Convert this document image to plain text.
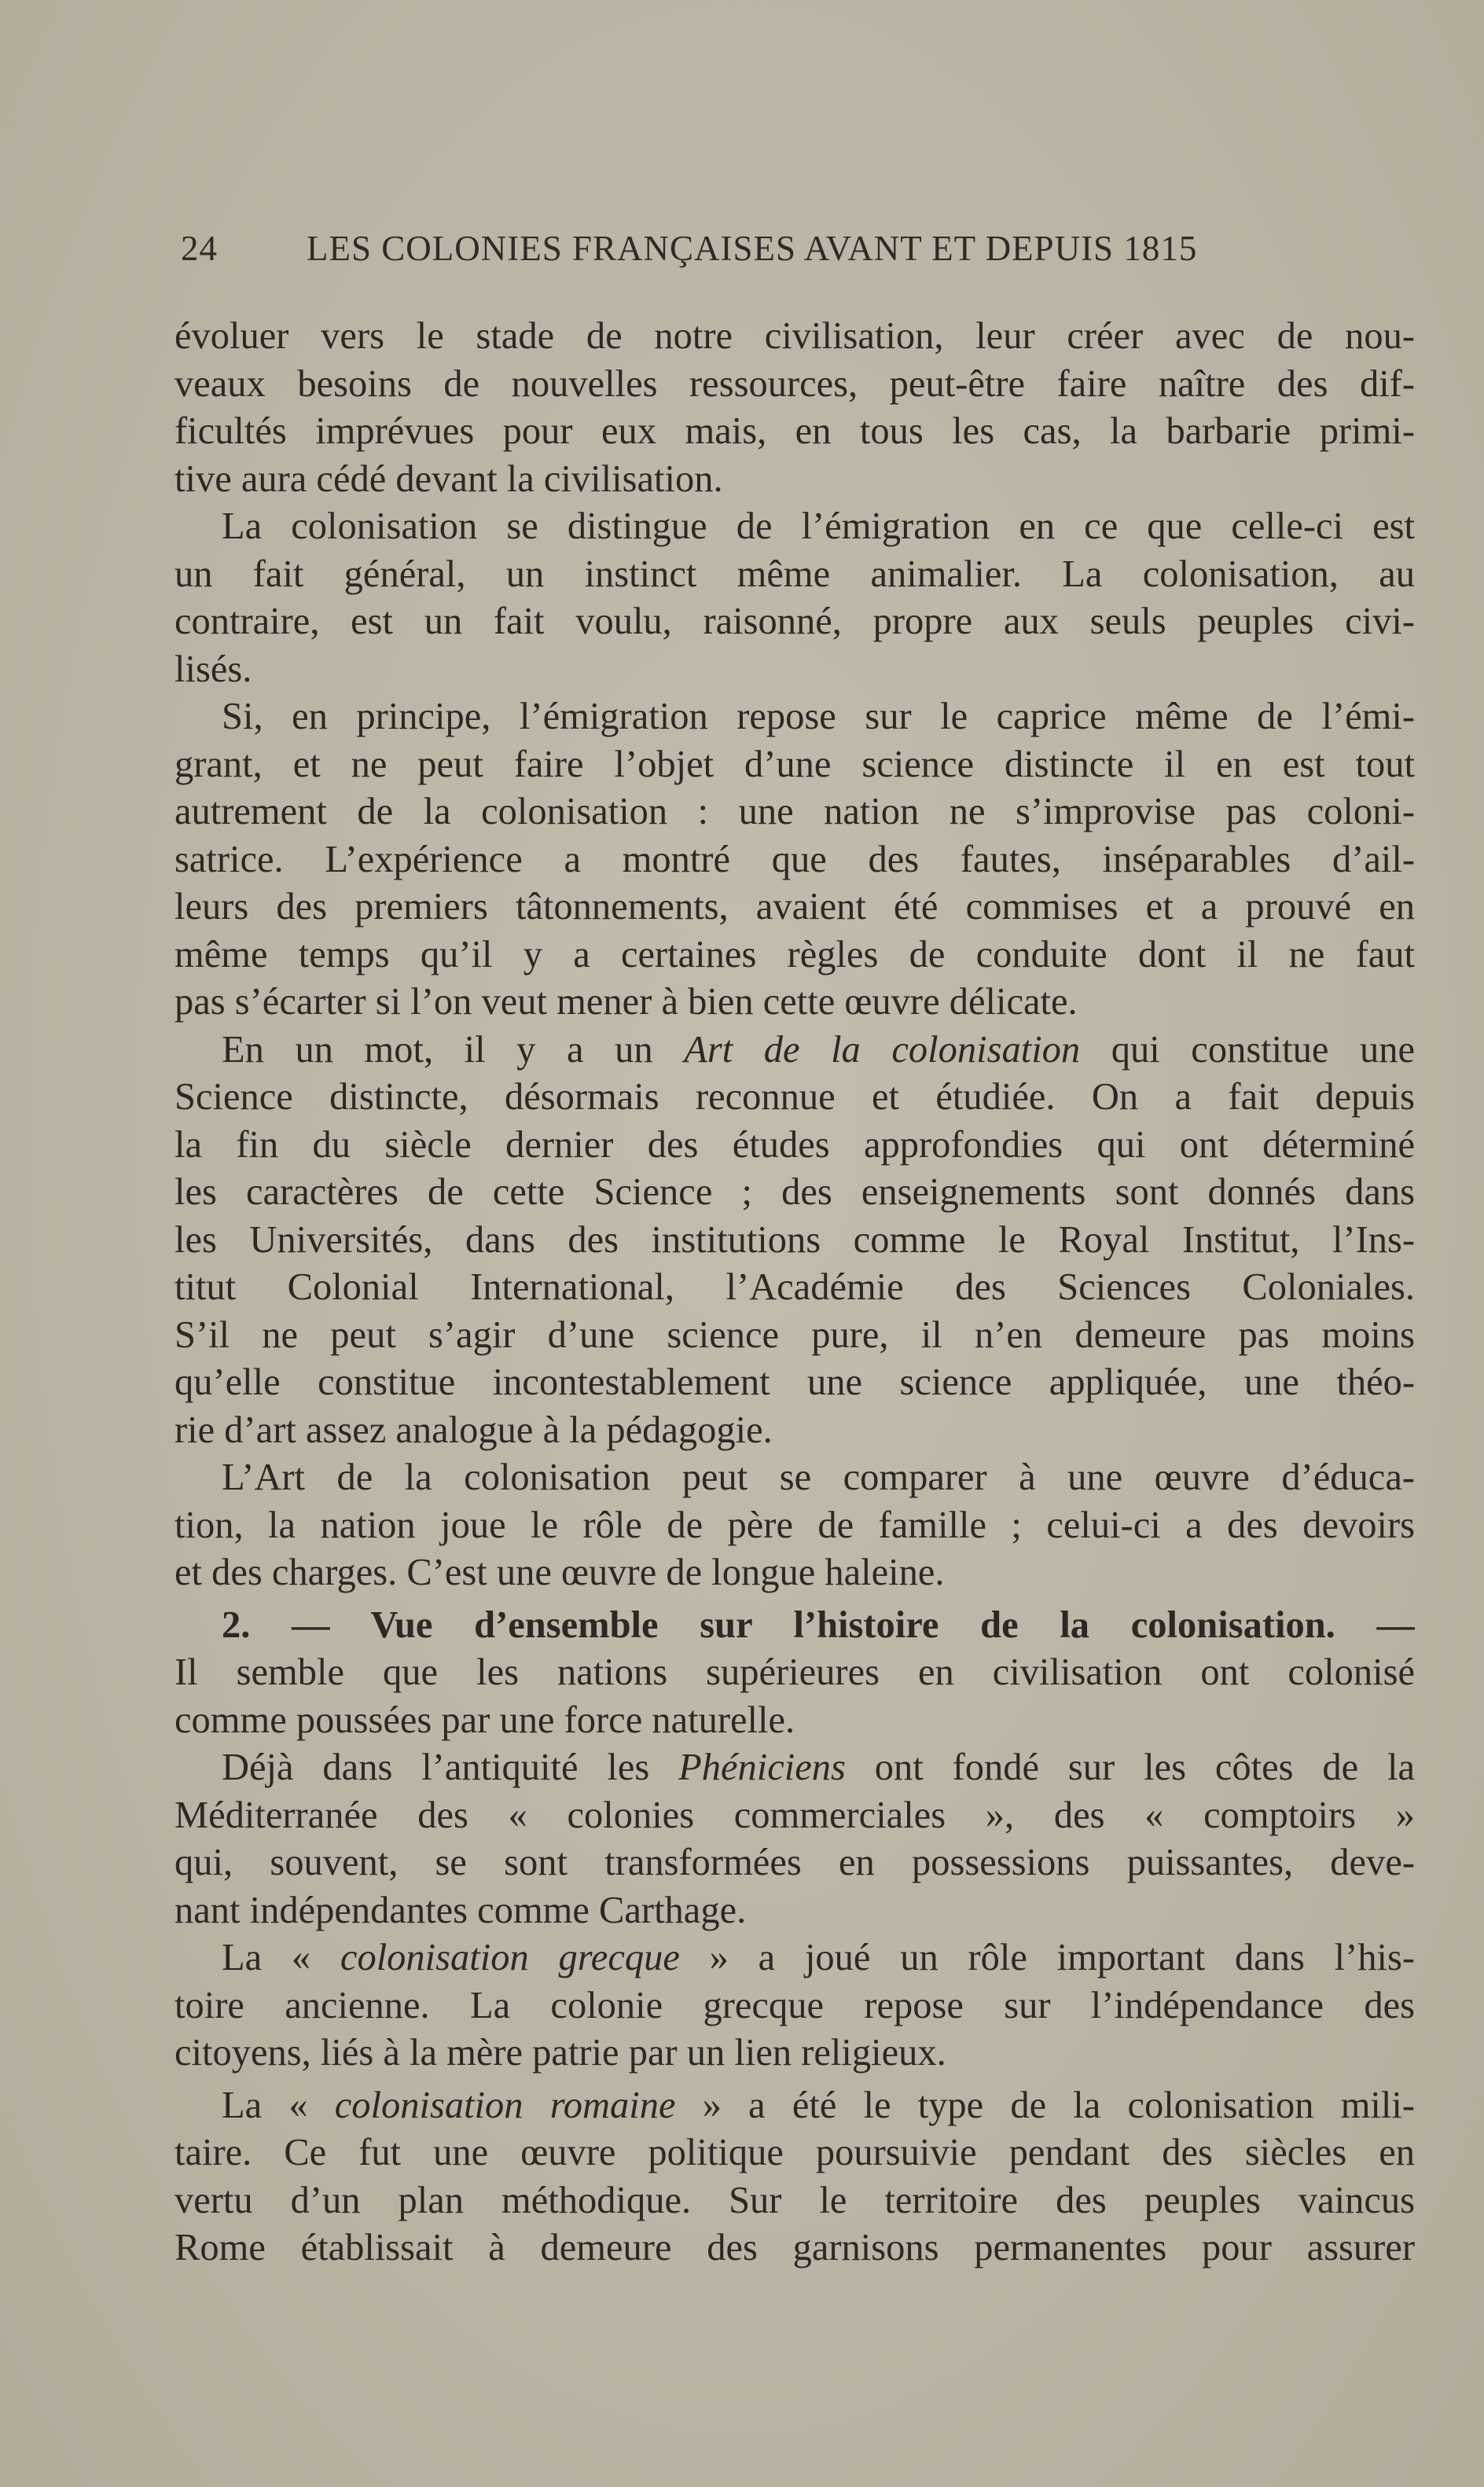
24	LES COLONIES FRANÇAISES AVANT ET DEPUIS 1815
évoluer vers le stade de notre civilisation, leur créer avec de nou-
veaux besoins de nouvelles ressources, peut-être faire naître des dif-
ficultés imprévues pour eux mais, en tous les cas, la barbarie primi-
tive aura cédé devant la civilisation.
La colonisation se distingue de l’émigration en ce que celle-ci est
un fait général, un instinct même animalier. La colonisation, au
contraire, est un fait voulu, raisonné, propre aux seuls peuples civi-
lisés.
Si, en principe, l’émigration repose sur le caprice même de l’émi-
grant, et ne peut faire l’objet d’une science distincte il en est tout
autrement de la colonisation : une nation ne s’improvise pas coloni-
satrice. L’expérience a montré que des fautes, inséparables d’ail-
leurs des premiers tâtonnements, avaient été commises et a prouvé en
même temps qu’il y a certaines règles de conduite dont il ne faut
pas s’écarter si l’on veut mener à bien cette œuvre délicate.
En un mot, il y a un Art de la colonisation qui constitue une
Science distincte, désormais reconnue et étudiée. On a fait depuis
la fin du siècle dernier des études approfondies qui ont déterminé
les caractères de cette Science ; des enseignements sont donnés dans
les Universités, dans des institutions comme le Royal Institut, l’Ins-
titut Colonial International, l’Académie des Sciences Coloniales.
S’il ne peut s’agir d’une science pure, il n’en demeure pas moins
qu’elle constitue incontestablement une science appliquée, une théo-
rie d’art assez analogue à la pédagogie.
L’Art de la colonisation peut se comparer à une œuvre d’éduca-
tion, la nation joue le rôle de père de famille ; celui-ci a des devoirs
et des charges. C’est une œuvre de longue haleine.
2. — Vue d’ensemble sur l’histoire de la colonisation. —
Il semble que les nations supérieures en civilisation ont colonisé
comme poussées par une force naturelle.
Déjà dans l’antiquité les Phéniciens ont fondé sur les côtes de la
Méditerranée des « colonies commerciales », des « comptoirs »
qui, souvent, se sont transformées en possessions puissantes, deve-
nant indépendantes comme Carthage.
La « colonisation grecque » a joué un rôle important dans l’his-
toire ancienne. La colonie grecque repose sur l’indépendance des
citoyens, liés à la mère patrie par un lien religieux.
La « colonisation romaine » a été le type de la colonisation mili-
taire. Ce fut une œuvre politique poursuivie pendant des siècles en
vertu d’un plan méthodique. Sur le territoire des peuples vaincus
Rome établissait à demeure des garnisons permanentes pour assurer
